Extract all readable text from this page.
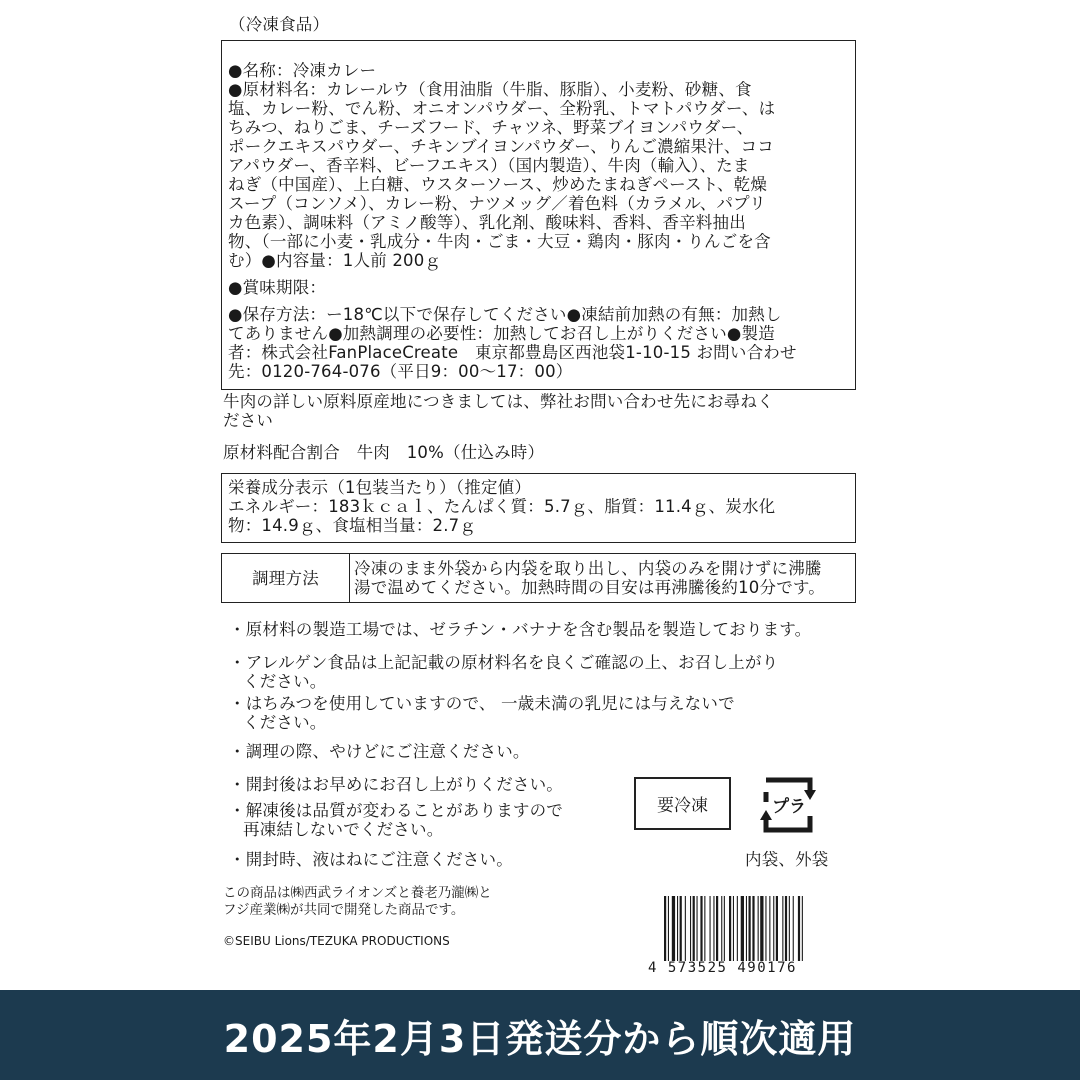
（冷凍食品）
●名称：冷凍カレー
●原材料名：カレールウ（食用油脂（牛脂、豚脂）、小麦粉、砂糖、食
塩、カレー粉、でん粉、オニオンパウダー、全粉乳、トマトパウダー、は
ちみつ、ねりごま、チーズフード、チャツネ、野菜ブイヨンパウダー、
ポークエキスパウダー、チキンブイヨンパウダー、りんご濃縮果汁、ココ
アパウダー、香辛料、ビーフエキス）（国内製造）、牛肉（輸入）、たま
ねぎ（中国産）、上白糖、ウスターソース、炒めたまねぎペースト、乾燥
スープ（コンソメ）、カレー粉、ナツメッグ／着色料（カラメル、パプリ
カ色素）、調味料（アミノ酸等）、乳化剤、酸味料、香料、香辛料抽出
物、（一部に小麦・乳成分・牛肉・ごま・大豆・鶏肉・豚肉・りんごを含
む）●内容量：1人前 200ｇ
●賞味期限：
●保存方法：ー18℃以下で保存してください●凍結前加熱の有無：加熱し
てありません●加熱調理の必要性：加熱してお召し上がりください●製造
者：株式会社FanPlaceCreate　東京都豊島区西池袋1-10-15 お問い合わせ
先：0120-764-076（平日9：00～17：00）
牛肉の詳しい原料原産地につきましては、弊社お問い合わせ先にお尋ねく
ださい
原材料配合割合　牛肉　10%（仕込み時）
栄養成分表示（1包装当たり）（推定値）
エネルギー：183ｋｃａｌ、たんぱく質：5.7ｇ、脂質：11.4ｇ、炭水化
物：14.9ｇ、食塩相当量：2.7ｇ
調理方法	冷凍のまま外袋から内袋を取り出し、内袋のみを開けずに沸騰
湯で温めてください。加熱時間の目安は再沸騰後約10分です。
・原材料の製造工場では、ゼラチン・バナナを含む製品を製造しております。
・アレルゲン食品は上記記載の原材料名を良くご確認の上、お召し上がり
ください。
・はちみつを使用していますので、 一歳未満の乳児には与えないで
ください。
・調理の際、やけどにご注意ください。
・開封後はお早めにお召し上がりください。
・解凍後は品質が変わることがありますので
再凍結しないでください。
・開封時、液はねにご注意ください。
要冷凍	プラ
内袋、外袋
この商品は㈱西武ライオンズと養老乃瀧㈱と
フジ産業㈱が共同で開発した商品です。
©SEIBU Lions/TEZUKA PRODUCTIONS
4 573525 490176
2025年2月3日発送分から順次適用
